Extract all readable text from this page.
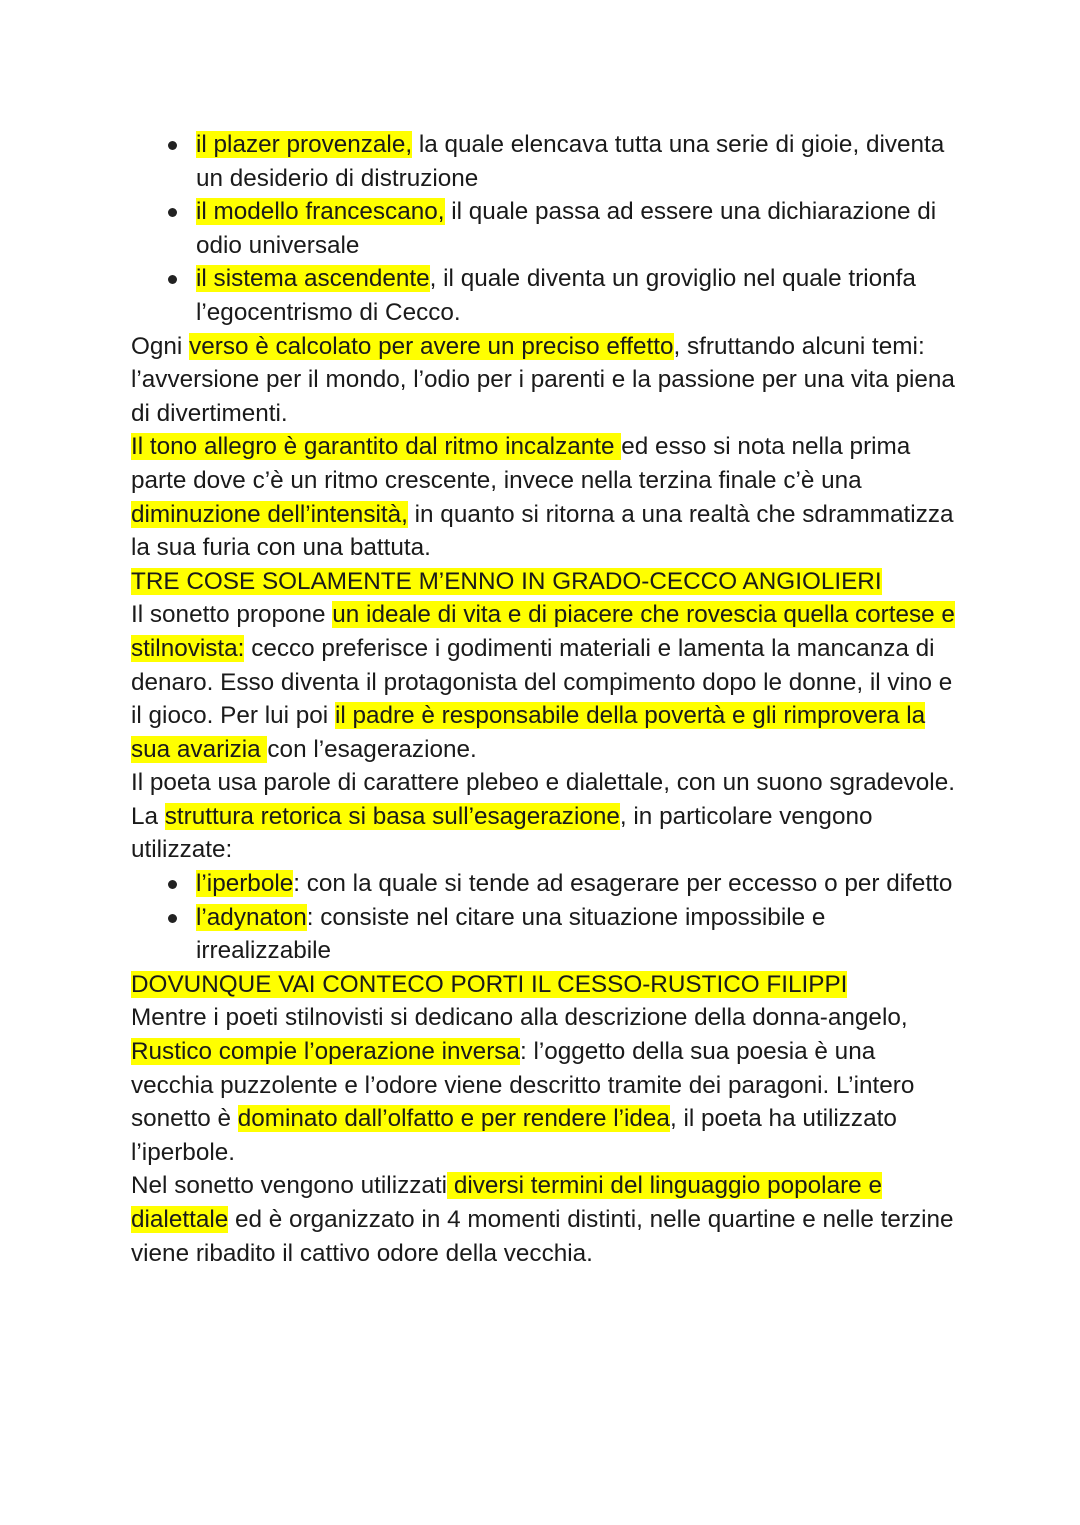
il plazer provenzale, la quale elencava tutta una serie di gioie, diventa un desiderio di distruzione
il modello francescano, il quale passa ad essere una dichiarazione di odio universale
il sistema ascendente, il quale diventa un groviglio nel quale trionfa l’egocentrismo di Cecco.

Ogni verso è calcolato per avere un preciso effetto, sfruttando alcuni temi: l’avversione per il mondo, l’odio per i parenti e la passione per una vita piena di divertimenti.

Il tono allegro è garantito dal ritmo incalzante ed esso si nota nella prima parte dove c’è un ritmo crescente, invece nella terzina finale c’è una diminuzione dell’intensità, in quanto si ritorna a una realtà che sdrammatizza la sua furia con una battuta.

TRE COSE SOLAMENTE M’ENNO IN GRADO-CECCO ANGIOLIERI

Il sonetto propone un ideale di vita e di piacere che rovescia quella cortese e stilnovista: cecco preferisce i godimenti materiali e lamenta la mancanza di denaro. Esso diventa il protagonista del compimento dopo le donne, il vino e il gioco. Per lui poi il padre è responsabile della povertà e gli rimprovera la sua avarizia con l’esagerazione.

Il poeta usa parole di carattere plebeo e dialettale, con un suono sgradevole. La struttura retorica si basa sull’esagerazione, in particolare vengono utilizzate:

l’iperbole: con la quale si tende ad esagerare per eccesso o per difetto
l’adynaton: consiste nel citare una situazione impossibile e irrealizzabile

DOVUNQUE VAI CONTECO PORTI IL CESSO-RUSTICO FILIPPI

Mentre i poeti stilnovisti si dedicano alla descrizione della donna-angelo, Rustico compie l’operazione inversa: l’oggetto della sua poesia è una vecchia puzzolente e l’odore viene descritto tramite dei paragoni. L’intero sonetto è dominato dall’olfatto e per rendere l’idea, il poeta ha utilizzato l’iperbole.

Nel sonetto vengono utilizzati diversi termini del linguaggio popolare e dialettale ed è organizzato in 4 momenti distinti, nelle quartine e nelle terzine viene ribadito il cattivo odore della vecchia.
